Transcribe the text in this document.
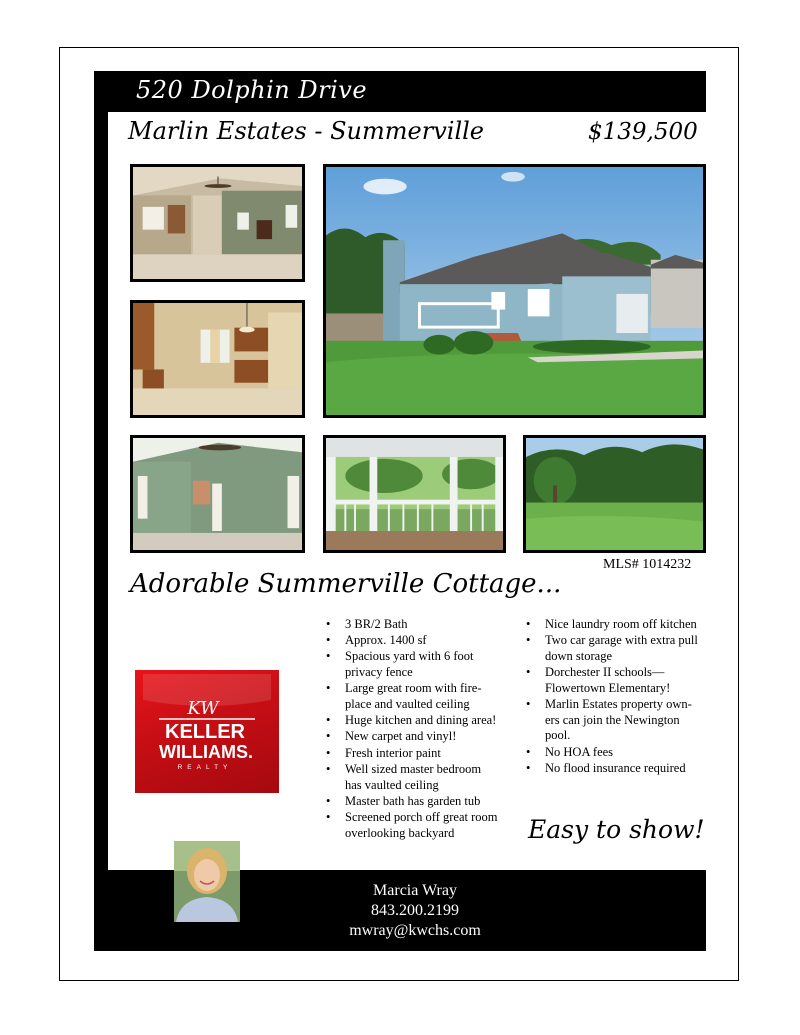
520 Dolphin Drive
Marlin Estates - Summerville	$139,500
MLS# 1014232
Adorable Summerville Cottage...
• 3 BR/2 Bath
• Approx. 1400 sf
• Spacious yard with 6 foot privacy fence
• Large great room with fire-place and vaulted ceiling
• Huge kitchen and dining area!
• New carpet and vinyl!
• Fresh interior paint
• Well sized master bedroom has vaulted ceiling
• Master bath has garden tub
• Screened porch off great room overlooking backyard
• Nice laundry room off kitchen
• Two car garage with extra pull down storage
• Dorchester II schools—Flowertown Elementary!
• Marlin Estates property own-ers can join the Newington pool.
• No HOA fees
• No flood insurance required
Easy to show!
KW
KELLER
WILLIAMS.
REALTY
Marcia Wray
843.200.2199
mwray@kwchs.com
